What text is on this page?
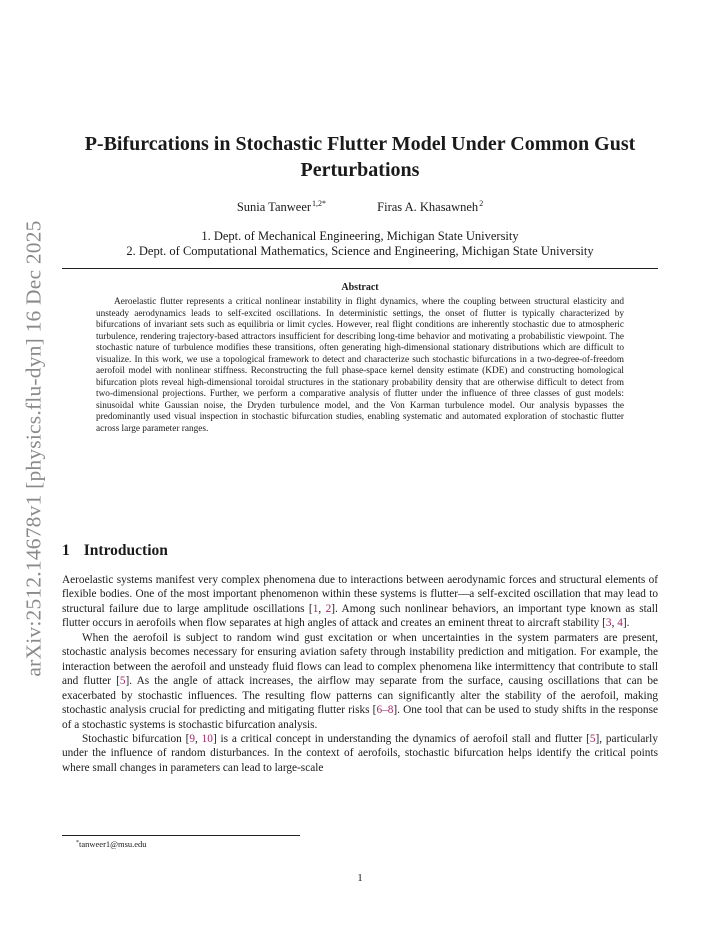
arXiv:2512.14678v1 [physics.flu-dyn] 16 Dec 2025
P-Bifurcations in Stochastic Flutter Model Under Common Gust Perturbations
Sunia Tanweer$^{1,2*}$	Firas A. Khasawneh$^2$
1. Dept. of Mechanical Engineering, Michigan State University
2. Dept. of Computational Mathematics, Science and Engineering, Michigan State University
Abstract

Aeroelastic flutter represents a critical nonlinear instability in flight dynamics, where the coupling between structural elasticity and unsteady aerodynamics leads to self-excited oscillations. In deterministic settings, the onset of flutter is typically characterized by bifurcations of invariant sets such as equilibria or limit cycles. However, real flight conditions are inherently stochastic due to atmospheric turbulence, rendering trajectory-based attractors insufficient for describing long-time behavior and motivating a probabilistic viewpoint. The stochastic nature of turbulence modifies these transitions, often generating high-dimensional stationary distributions which are difficult to visualize. In this work, we use a topological framework to detect and characterize such stochastic bifurcations in a two-degree-of-freedom aerofoil model with nonlinear stiffness. Reconstructing the full phase-space kernel density estimate (KDE) and constructing homological bifurcation plots reveal high-dimensional toroidal structures in the stationary probability density that are otherwise difficult to detect from two-dimensional projections. Further, we perform a comparative analysis of flutter under the influence of three classes of gust models: sinusoidal white Gaussian noise, the Dryden turbulence model, and the Von Karman turbulence model. Our analysis bypasses the predominantly used visual inspection in stochastic bifurcation studies, enabling systematic and automated exploration of stochastic flutter across large parameter ranges.

1 Introduction

Aeroelastic systems manifest very complex phenomena due to interactions between aerodynamic forces and structural elements of flexible bodies. One of the most important phenomenon within these systems is flutter—a self-excited oscillation that may lead to structural failure due to large amplitude oscillations [1, 2]. Among such nonlinear behaviors, an important type known as stall flutter occurs in aerofoils when flow separates at high angles of attack and creates an eminent threat to aircraft stability [3, 4].

When the aerofoil is subject to random wind gust excitation or when uncertainties in the system parmaters are present, stochastic analysis becomes necessary for ensuring aviation safety through instability prediction and mitigation. For example, the interaction between the aerofoil and unsteady fluid flows can lead to complex phenomena like intermittency that contribute to stall and flutter [5]. As the angle of attack increases, the airflow may separate from the surface, causing oscillations that can be exacerbated by stochastic influences. The resulting flow patterns can significantly alter the stability of the aerofoil, making stochastic analysis crucial for predicting and mitigating flutter risks [6–8]. One tool that can be used to study shifts in the response of a stochastic systems is stochastic bifurcation analysis.

Stochastic bifurcation [9, 10] is a critical concept in understanding the dynamics of aerofoil stall and flutter [5], particularly under the influence of random disturbances. In the context of aerofoils, stochastic bifurcation helps identify the critical points where small changes in parameters can lead to large-scale

*tanweer1@msu.edu
1
